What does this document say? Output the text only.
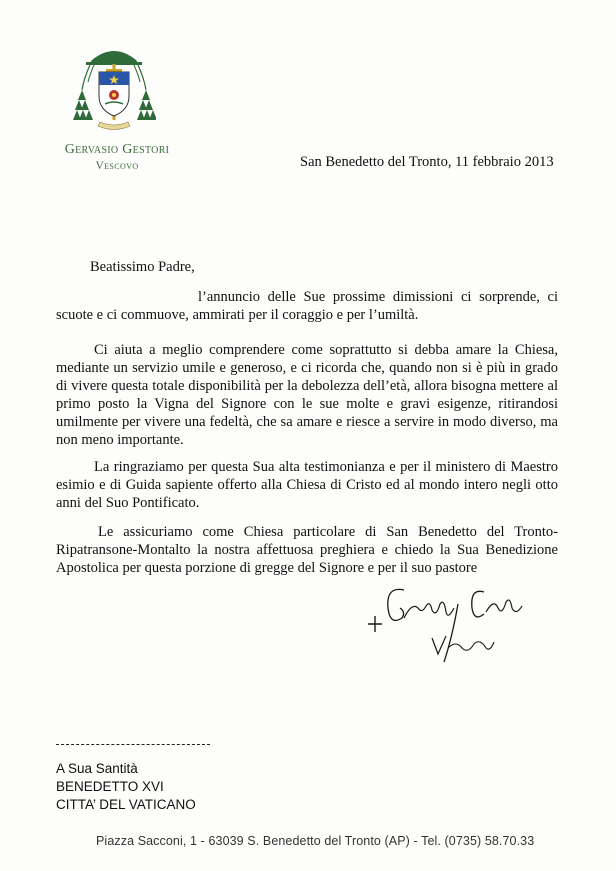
Gervasio Gestori
Vescovo	San Benedetto del Tronto, 11 febbraio 2013
Beatissimo Padre,

l’annuncio delle Sue prossime dimissioni ci sorprende, ci scuote e ci commuove, ammirati per il coraggio e per l’umiltà.

Ci aiuta a meglio comprendere come soprattutto si debba amare la Chiesa, mediante un servizio umile e generoso, e ci ricorda che, quando non si è più in grado di vivere questa totale disponibilità per la debolezza dell’età, allora bisogna mettere al primo posto la Vigna del Signore con le sue molte e gravi esigenze, ritirandosi umilmente per vivere una fedeltà, che sa amare e riesce a servire in modo diverso, ma non meno importante.

La ringraziamo per questa Sua alta testimonianza e per il ministero di Maestro esimio e di Guida sapiente offerto alla Chiesa di Cristo ed al mondo intero negli otto anni del Suo Pontificato.

Le assicuriamo come Chiesa particolare di San Benedetto del Tronto-Ripatransone-Montalto la nostra affettuosa preghiera e chiedo la Sua Benedizione Apostolica per questa porzione di gregge del Signore e per il suo pastore

A Sua Santità
BENEDETTO XVI
CITTA’ DEL VATICANO
Piazza Sacconi, 1 - 63039 S. Benedetto del Tronto (AP) - Tel. (0735) 58.70.33
